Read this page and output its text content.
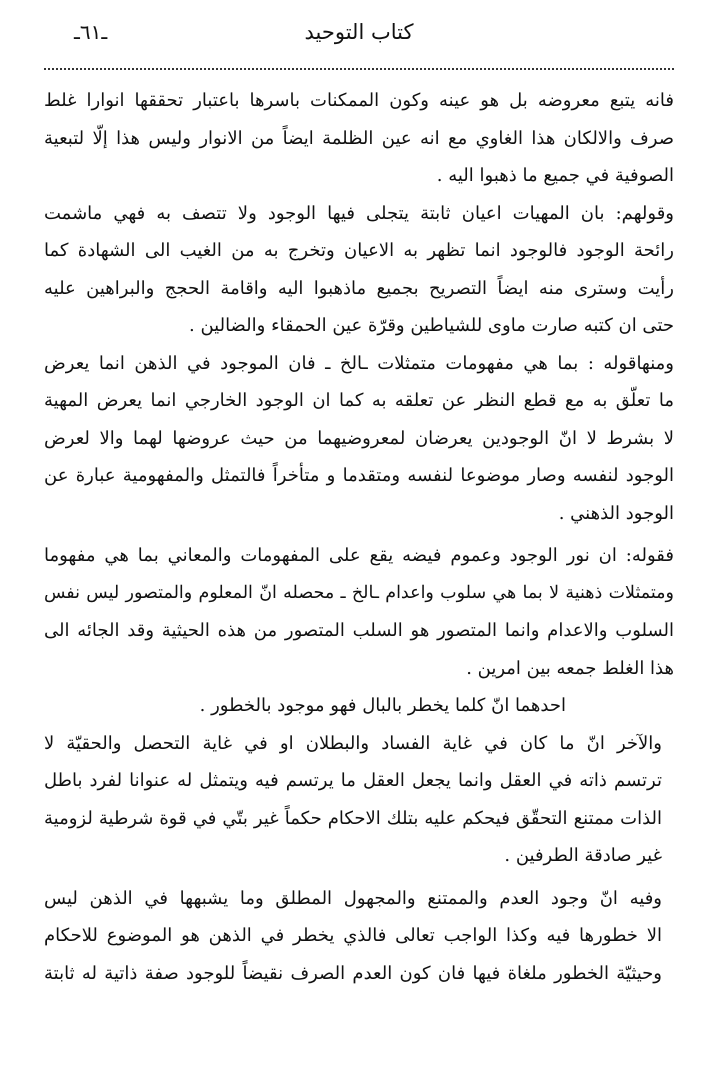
كتاب التوحيد
ـ٦١ـ

فانه يتبع معروضه بل هو عينه وكون الممكنات باسرها باعتبار تحققها انوارا غلط
صرف والالكان هذا الغاوي مع انه عين الظلمة ايضاً من الانوار وليس هذا إلّا لتبعية
الصوفية في جميع ما ذهبوا اليه .

وقولهم: بان المهيات اعيان ثابتة يتجلى فيها الوجود ولا تتصف به فهي ماشمت
رائحة الوجود فالوجود انما تظهر به الاعيان وتخرج به من الغيب الى الشهادة كما
رأيت وسترى منه ايضاً التصريح بجميع ماذهبوا اليه واقامة الحجج والبراهين عليه
حتى ان كتبه صارت ماوى للشياطين وقرّة عين الحمقاء والضالين .

ومنهاقوله : بما هي مفهومات متمثلات ـالخ ـ فان الموجود في الذهن انما يعرض
ما تعلّق به مع قطع النظر عن تعلقه به كما ان الوجود الخارجي انما يعرض المهية
لا بشرط لا انّ الوجودين يعرضان لمعروضيهما من حيث عروضها لهما والا لعرض
الوجود لنفسه وصار موضوعا لنفسه ومتقدما و متأخراً فالتمثل والمفهومية عبارة عن
الوجود الذهني .

فقوله: ان نور الوجود وعموم فيضه يقع على المفهومات والمعاني بما هي مفهوما
ومتمثلات ذهنية لا بما هي سلوب واعدام ـالخ ـ محصله انّ المعلوم والمتصور ليس نفس
السلوب والاعدام وانما المتصور هو السلب المتصور من هذه الحيثية وقد الجائه الى
هذا الغلط جمعه بين امرين .

احدهما انّ كلما يخطر بالبال فهو موجود بالخطور .

والآخر انّ ما كان في غاية الفساد والبطلان او في غاية التحصل والحقيّة لا
ترتسم ذاته في العقل وانما يجعل العقل ما يرتسم فيه ويتمثل له عنوانا لفرد باطل
الذات ممتنع التحقّق فيحكم عليه بتلك الاحكام حكماً غير بتّي في قوة شرطية لزومية
غير صادقة الطرفين .

وفيه انّ وجود العدم والممتنع والمجهول المطلق وما يشبهها في الذهن ليس
الا خطورها فيه وكذا الواجب تعالى فالذي يخطر في الذهن هو الموضوع للاحكام
وحيثيّة الخطور ملغاة فيها فان كون العدم الصرف نقيضاً للوجود صفة ذاتية له ثابتة
